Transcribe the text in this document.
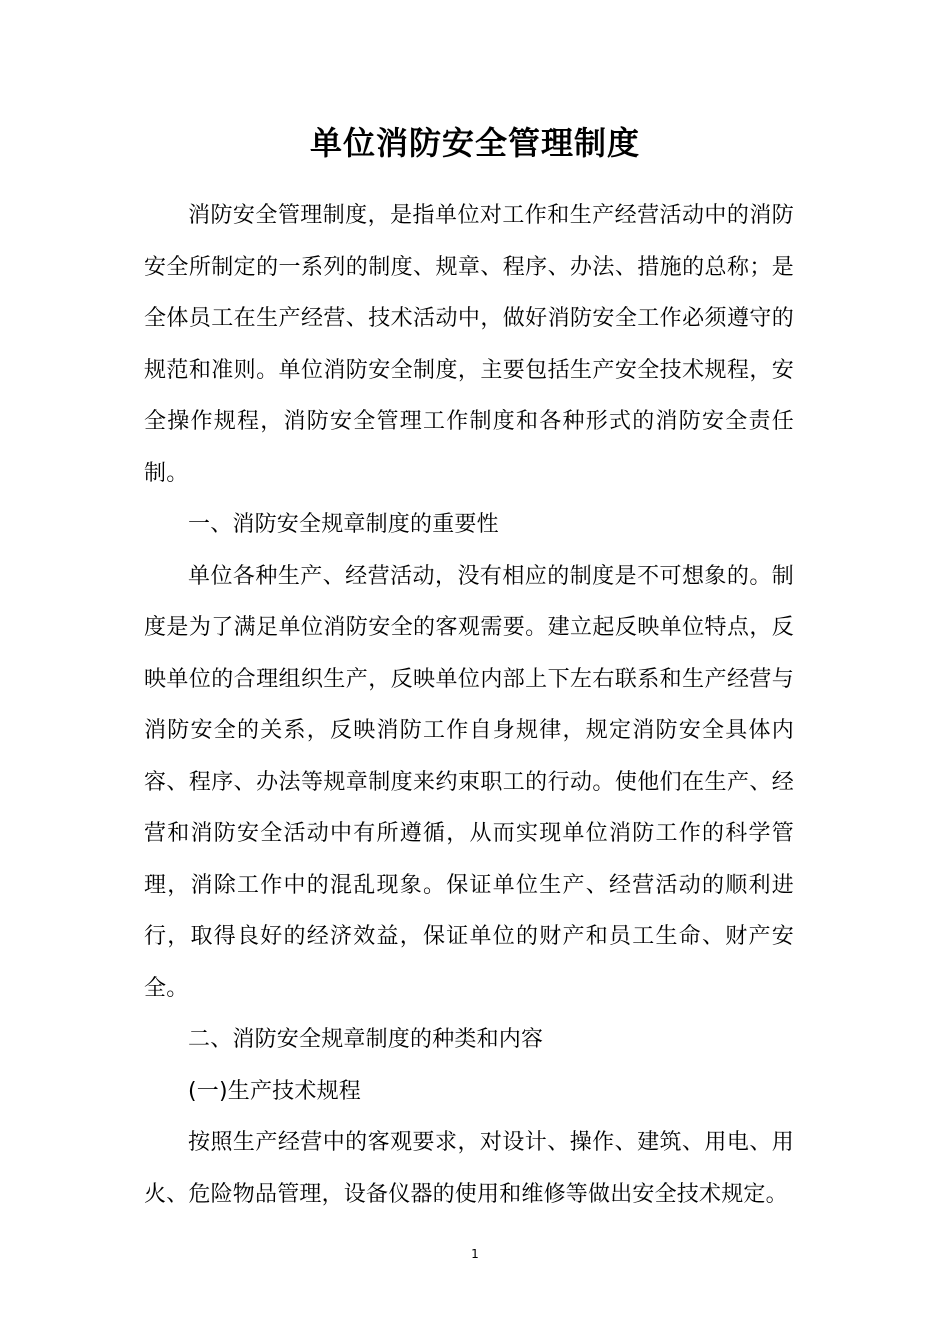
单位消防安全管理制度

消防安全管理制度，是指单位对工作和生产经营活动中的消防安全所制定的一系列的制度、规章、程序、办法、措施的总称；是全体员工在生产经营、技术活动中，做好消防安全工作必须遵守的规范和准则。单位消防安全制度，主要包括生产安全技术规程，安全操作规程，消防安全管理工作制度和各种形式的消防安全责任制。

一、消防安全规章制度的重要性

单位各种生产、经营活动，没有相应的制度是不可想象的。制度是为了满足单位消防安全的客观需要。建立起反映单位特点，反映单位的合理组织生产，反映单位内部上下左右联系和生产经营与消防安全的关系，反映消防工作自身规律，规定消防安全具体内容、程序、办法等规章制度来约束职工的行动。使他们在生产、经营和消防安全活动中有所遵循，从而实现单位消防工作的科学管理，消除工作中的混乱现象。保证单位生产、经营活动的顺利进行，取得良好的经济效益，保证单位的财产和员工生命、财产安全。

二、消防安全规章制度的种类和内容

(一)生产技术规程

按照生产经营中的客观要求，对设计、操作、建筑、用电、用火、危险物品管理，设备仪器的使用和维修等做出安全技术规定。

1
